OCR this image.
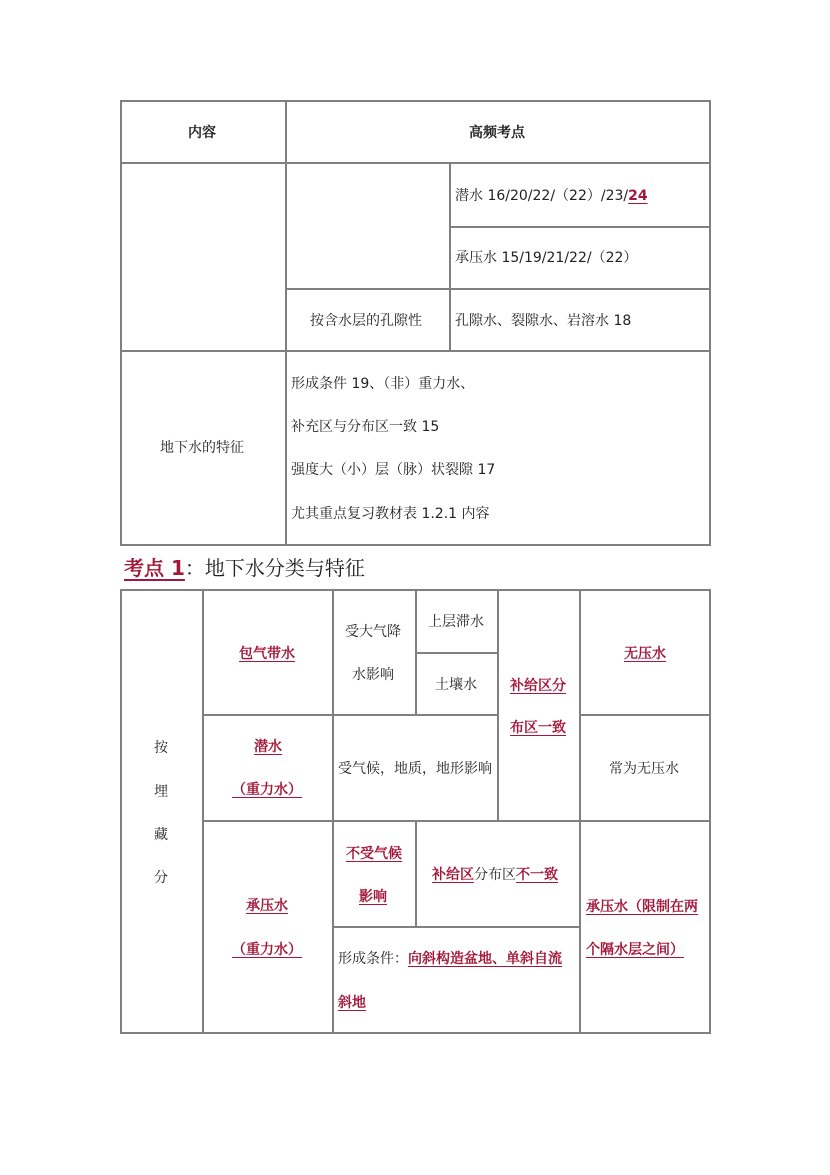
内容	高频考点
潜水 16/20/22/（22）/23/24
承压水 15/19/21/22/（22）
按含水层的孔隙性 孔隙水、裂隙水、岩溶水 18
地下水的特征
形成条件 19、（非）重力水、
补充区与分布区一致 15
强度大（小）层（脉）状裂隙 17
尤其重点复习教材表 1.2.1 内容
考点 1：地下水分类与特征
按
埋
藏
分
包气带水
受大气降
水影响
上层滞水
土壤水 补给区分
布区一致
无压水
潜水
（重力水）
受气候，地质，地形影响	常为无压水
承压水
（重力水）
不受气候
影响
补给区分布区不一致
形成条件：向斜构造盆地、单斜自流
斜地
承压水（限制在两
个隔水层之间）
